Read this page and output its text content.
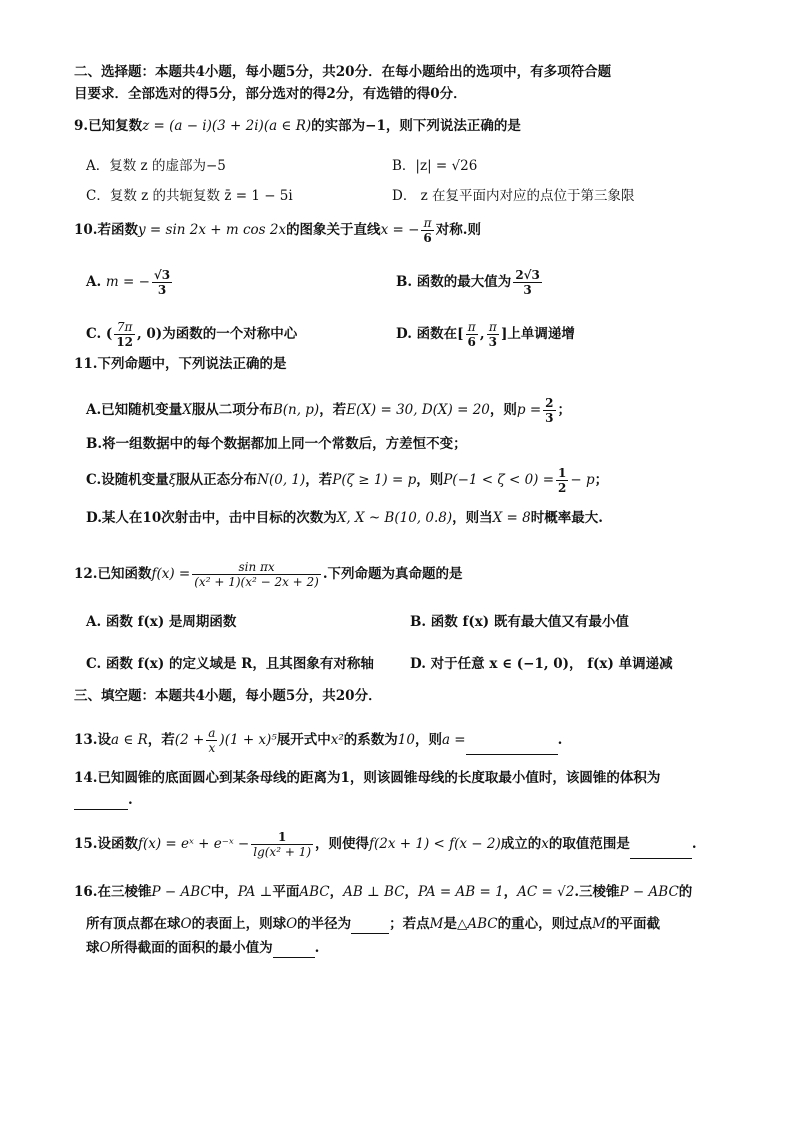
二、选择题：本题共4小题，每小题5分，共20分．在每小题给出的选项中，有多项符合题
目要求．全部选对的得5分，部分选对的得2分，有选错的得0分．
9.已知复数z = (a − i)(3 + 2i)(a ∈ R)的实部为−1，则下列说法正确的是
A．复数 z 的虚部为−5	B．|z| = √26
C．复数 z 的共轭复数 z̄ = 1 − 5i	D． z 在复平面内对应的点位于第三象限
10.若函数y = sin 2x + m cos 2x的图象关于直线x = − $\frac{\pi}{6}$ 对称.则
A. m = − $\frac{√3}{3}$	B. 函数的最大值为 $\frac{2√3}{3}$
C. ( $\frac{7\pi}{12}$ , 0)为函数的一个对称中心	D. 函数在[ $\frac{\pi}{6}$ , $\frac{\pi}{3}$ ]上单调递增
11.下列命题中，下列说法正确的是
A.已知随机变量X服从二项分布B(n, p)，若E(X) = 30, D(X) = 20，则$p = \frac{2}{3}$ ；
B.将一组数据中的每个数据都加上同一个常数后，方差恒不变；
C.设随机变量ξ服从正态分布N(0, 1)，若P(ζ ≥ 1) = p，则$P(-1 < \zeta < 0) = \frac{1}{2} - p$；
D.某人在10次射击中，击中目标的次数为X, X ~ B(10, 0.8)，则当X = 8时概率最大.
12.已知函数$f(x) = \frac{\text{sin πx}}{\text{(x² + 1)(x² − 2x + 2)}}$ .下列命题为真命题的是
A. 函数 f(x) 是周期函数	B. 函数 f(x) 既有最大值又有最小值
C. 函数 f(x) 的定义域是 R，且其图象有对称轴	D. 对于任意 x ∈ (−1, 0)， f(x) 单调递减
三、填空题：本题共4小题，每小题5分，共20分．
13.设a ∈ R，若$(2 + \frac{a}{x} )(1 + x)^5$展开式中x²的系数为10，则a =	.
14.已知圆锥的底面圆心到某条母线的距离为1，则该圆锥母线的长度取最小值时，该圆锥的体积为
.
15.设函数f(x) = eˣ + e⁻ˣ − $\frac{1}{\text{lg(x² + 1)}}$ ，则使得f(2x + 1) < f(x − 2)成立的x的取值范围是	.
16.在三棱锥P − ABC中，PA ⊥平面ABC，AB ⊥ BC，PA = AB = 1，AC = √2.三棱锥P − ABC的
所有顶点都在球O的表面上，则球O的半径为	；若点M是△ABC的重心，则过点M的平面截
球O所得截面的面积的最小值为	.
